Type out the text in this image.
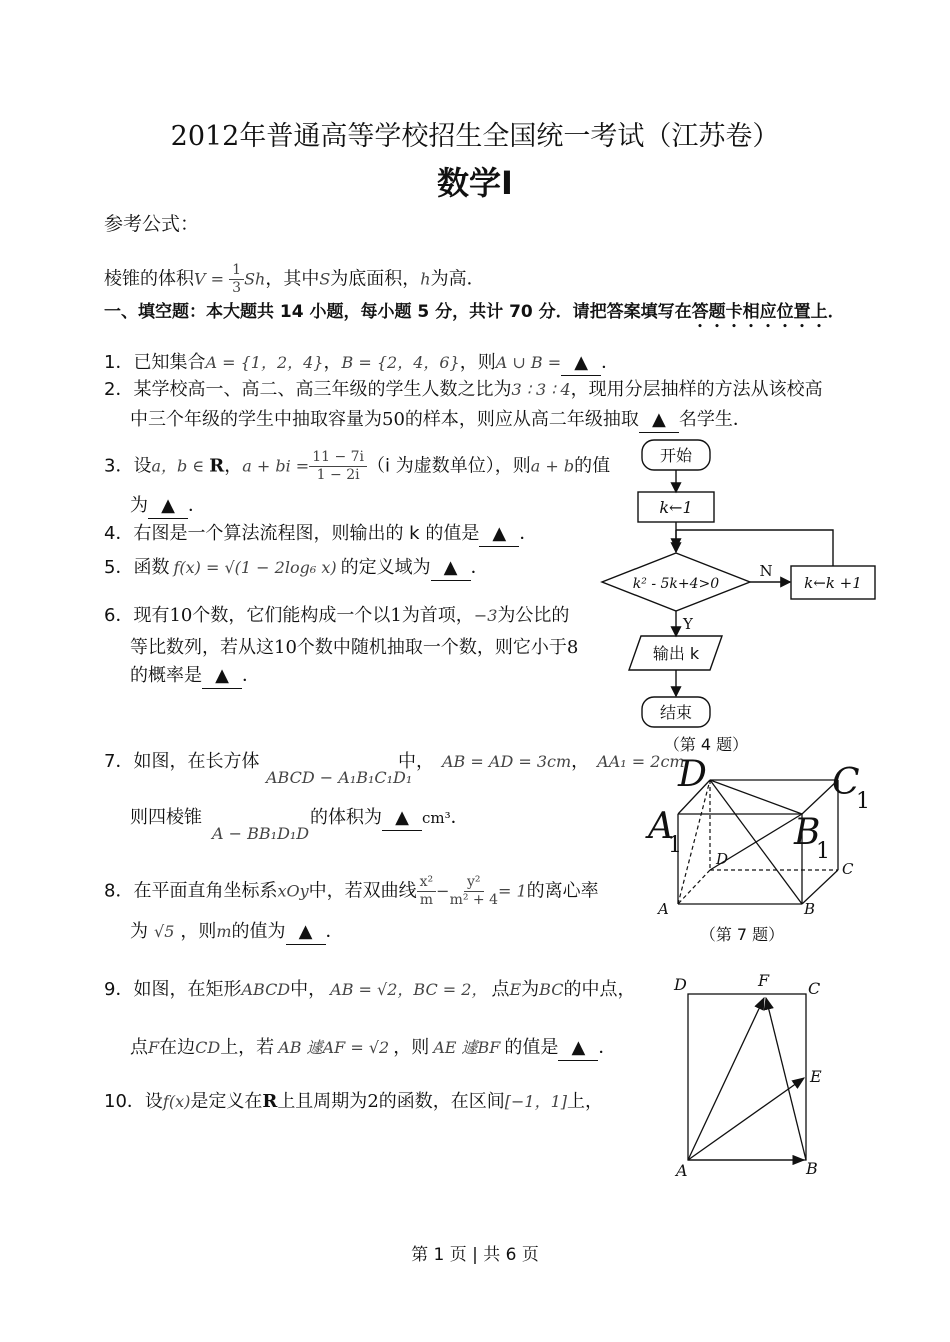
2012年普通高等学校招生全国统一考试（江苏卷）
数学Ⅰ
参考公式：
棱锥的体积$V = \frac{1}{3}$ Sh，其中S为底面积，h为高．
一、填空题：本大题共 14 小题，每小题 5 分，共计 70 分．请把答案填写在答题卡相应位置上．
1．已知集合A = {1，2，4}，B = {2，4，6}，则A ∪ B = ▲ ．
2．某学校高一、高二、高三年级的学生人数之比为3 ∶ 3 ∶ 4，现用分层抽样的方法从该校高
中三个年级的学生中抽取容量为50的样本，则应从高二年级抽取 ▲ 名学生．
3．设a，b ∈ R，a + bi = $\frac{11 - 7i}{1 - 2i} (i$ 为虚数单位），则a + b的值
为 ▲ ．
4．右图是一个算法流程图，则输出的 k 的值是 ▲ ．
5．函数 f(x) = √(1 − 2log₆ x) 的定义域为 ▲ ．
6．现有10个数，它们能构成一个以1为首项，−3为公比的
等比数列，若从这10个数中随机抽取一个数，则它小于8
的概率是 ▲ ．
7．如图，在长方体
ABCD − A₁B₁C₁D₁
中， AB = AD = 3cm， AA₁ = 2cm
则四棱锥
A − BB₁D₁D
的体积为 ▲ cm³．
8．在平面直角坐标系xOy中，若双曲线 $\frac{\text{x²}}{m} - \frac{\text{y²}}{\text{m² + 4}} = 1$的离心率
为 √5 ，则m的值为 ▲ ．
9．如图，在矩形ABCD中， AB = √2，BC = 2， 点E为BC的中点，
点F在边CD上，若 AB 遽AF = √2 ，则 AE 遽BF 的值是 ▲ ．
10．设f(x)是定义在R上且周期为2的函数，在区间[−1，1]上，
开始
k←1
k² - 5k+4>0
N
k←k +1
Y
输出 k
结束
（第 4 题）
D	C
1
A
1	B
1
D
C
A	B
（第 7 题）
D	F C
E
A	B
第 1 页 | 共 6 页
